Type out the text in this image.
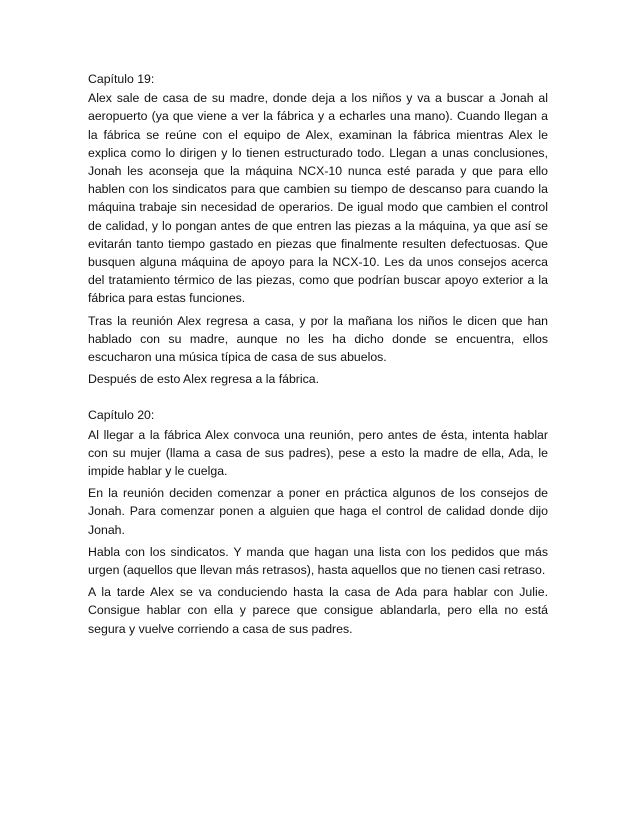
Capítulo 19:

Alex sale de casa de su madre, donde deja a los niños y va a buscar a Jonah al aeropuerto (ya que viene a ver la fábrica y a echarles una mano). Cuando llegan a la fábrica se reúne con el equipo de Alex, examinan la fábrica mientras Alex le explica como lo dirigen y lo tienen estructurado todo. Llegan a unas conclusiones, Jonah les aconseja que la máquina NCX-10 nunca esté parada y que para ello hablen con los sindicatos para que cambien su tiempo de descanso para cuando la máquina trabaje sin necesidad de operarios. De igual modo que cambien el control de calidad, y lo pongan antes de que entren las piezas a la máquina, ya que así se evitarán tanto tiempo gastado en piezas que finalmente resulten defectuosas. Que busquen alguna máquina de apoyo para la NCX-10. Les da unos consejos acerca del tratamiento térmico de las piezas, como que podrían buscar apoyo exterior a la fábrica para estas funciones.

Tras la reunión Alex regresa a casa, y por la mañana los niños le dicen que han hablado con su madre, aunque no les ha dicho donde se encuentra, ellos escucharon una música típica de casa de sus abuelos.

Después de esto Alex regresa a la fábrica.

Capítulo 20:

Al llegar a la fábrica Alex convoca una reunión, pero antes de ésta, intenta hablar con su mujer (llama a casa de sus padres), pese a esto la madre de ella, Ada, le impide hablar y le cuelga.

En la reunión deciden comenzar a poner en práctica algunos de los consejos de Jonah. Para comenzar ponen a alguien que haga el control de calidad donde dijo Jonah.

Habla con los sindicatos. Y manda que hagan una lista con los pedidos que más urgen (aquellos que llevan más retrasos), hasta aquellos que no tienen casi retraso.

A la tarde Alex se va conduciendo hasta la casa de Ada para hablar con Julie. Consigue hablar con ella y parece que consigue ablandarla, pero ella no está segura y vuelve corriendo a casa de sus padres.
